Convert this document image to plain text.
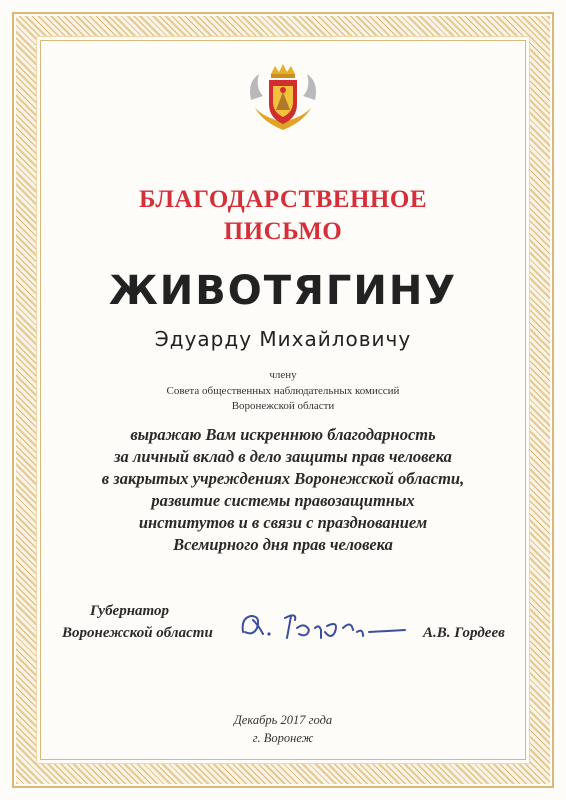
БЛАГОДАРСТВЕННОЕ
ПИСЬМО
ЖИВОТЯГИНУ
Эдуарду Михайловичу
члену
Совета общественных наблюдательных комиссий
Воронежской области
выражаю Вам искреннюю благодарность
за личный вклад в дело защиты прав человека
в закрытых учреждениях Воронежской области,
развитие системы правозащитных
институтов и в связи с празднованием
Всемирного дня прав человека
Губернатор
Воронежской области	А.В. Гордеев
Декабрь 2017 года
г. Воронеж
